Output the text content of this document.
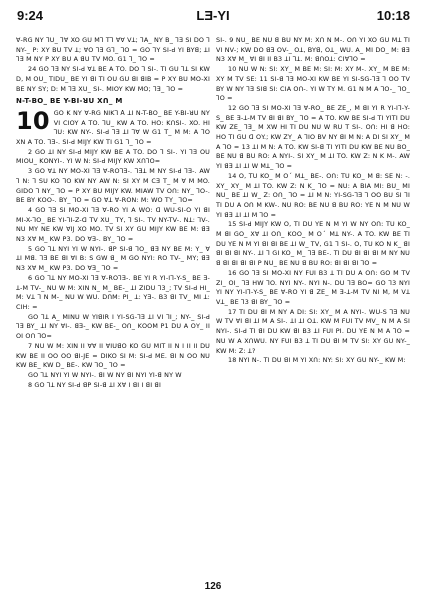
9:24	LƎ-YI	10:18

ꓯ-RG NY ꓶU_ ꓶꓯ XO GU Mꓶ Tꓶ ꓯꓯ Vꓕ; ꓶA_ NY B_ ꓶƎ SI DO ꓶ NY-_ P: XY BU TV ꓕ; ꓯO ꓶƎ Gꓶ_ ꓶO = GO ꓶY SI-ꓒ YI BYꓭ; ꓕꓲ ꓶƎ M NY P XY BU A ꓭU TV MO. G1 ꓶ_ ꓶO =

24 GO ꓶƎ NY SI-ꓒ ꓯꓕ BE A TO. DO ꓶ SI-. Tꓲ GU ꓶꓕ SI KW D, M ꓳU_ TꓲDU_ BE YI ꓭꓲ Tꓲ ꓳU GU ꓭꓲ ꓭꓲB = P XY BU MO-XI BE NY SY; D: M ꓶƎ XU_ SI-. MꓲOY KW MO; ꓶƎ_ ꓶO =

N-T-BO_ BE Y-BI-ꓤU Xꓵ_ M
10 GO K NY ꓯ-RG NꓲKꓶ Ꭺ ꓕꓲ N-T-BO_ BE Y-BI-ꓤU NY VI CꓲOY A TO. ꓶU_ KW A TO. HO: KꓵSI-. XO. Hꓲ ꓶU: KW NY-. SI-ꓒ ꓶƎ ꓕꓲ ꓶꓯ W G1 T_ M M: A ꓶO XN A TO. ꓶƎ-. SI-ꓒ MꓲJY KW Tꓲ G1 ꓶ_ ꓶO =

2 GO ꓕꓲ NY SI-ꓒ MꓲJY KW BE A TO. DO ꓶ SI-. YI ꓶƎ ꓳU MꓲꓳU_ KꓳNYI-. YI W N: SI-ꓒ MꓲJY KW XꓵꓶO=

3 GO ꓯꓕ NY MO-XI ꓶƎ ꓯ-RꓳꓶƎ-. ꓶƎꓕ M NY SI-ꓒ ꓶƎ-. AW ꓶ N: ꓶ SU KO ꓶO KW NY AW N: SI XY M CƎ T_ M ꓯ M MO. GꓲDO ꓶ NY_ ꓶO = P XY BU MꓲJY KW. MꓲAW TV ꓳꓵ: NY_ ꓶO-. BE BY KꓳO-. BY_ ꓶO = GO ꓯꓕ ꓯ-RꓳN: M: WO TY_ ꓶO=

4 GO ꓶƎ Sꓲ MO-XI ꓶƎ ꓯ-RO YI A WO: ꓷ WU-SI-ꓳ Yꓲ ꓭꓲ MI-X-ꓶO_ BE Yꓲ-ꓶꓲ-Z-ꓷ TV XU_ TY, ꓶ SI-. TV NY-TV-. Nꓕ: ꓶV-. NU MY NE KW ꓯꓲJ XO MO. TV SI XY GU MꓲJY KW BE M: ꓭƎ N3 Xꓯ M_ KW P3. DO ꓯƎ-. BY_ ꓶO =

5 GO ꓶꓕ NYI YI W NYI-. ꓭP SI-ꓭ ꓶO_ ꓭƎ NY BE M: Y_ ꓯ ꓕꓲ Mꓭ. ꓶƎ BE ꓭꓲ ꓯꓲ B: S GW ꓭ_ M GO NYI: RO TV-_ MY; ꓭƎ N3 Xꓯ M_ KW P3. DO ꓯƎ_ ꓶO =

6 GO ꓶꓕ NY MO-XI ꓶƎ ꓯ-RꓳꓶƎ-. BE YI R Yꓲ-ꓲꓶ-Y-S_ BE Ǝ-ꓕ-M TV-_ NU W M: XꓲN N_ M_ BE-_ ꓕꓲ ZꓲDU ꓶ3_; TV SI-ꓒ Hꓲ_ M: Vꓕ ꓶ N M-_ NU W WU. DꓵM: Pꓲ_ ꓕ: YƎ-. B3 ꓭꓲ TV_ MI ꓕ: CꓲH: =

GO ꓶꓕ A_ MꓲNU W YꓲꓭꓲR ꓲ YI-SG-ꓶƎ ꓕꓲ Vꓲ ꓶꓲ_; NY-_ SI-ꓒ ꓶƎ BY_ ꓕꓲ NY ꓯꓲ-. ꓭƎ-_ KW BE-_ ꓳꓵ_ KꓳꓳM P1 DU A ꓳY_ ꓲꓲ ꓳꓲ ꓳꓵ ꓶO=

7 NU W M: XꓲN ꓲꓲ ꓯꓯ ꓲꓲ ꓯꓲUꓭO KO GU MꓲT ꓲꓲ N ꓲ ꓲꓲ ꓲꓲ DU KW BE ꓲꓲ ꓳO ꓳO ꓭꓲ-JE = DꓲKO SI M: SI-ꓒ ME. ꓭꓲ N ꓳO NU KW BE_ KW D_ BE-. KW ꓶO_ ꓶO =

GO ꓶꓕ NYI YI W NYI-. ꓭꓲ W NY ꓭꓲ NYꓲ YI-ꓭ NY W

8 GO ꓶꓕ NY SI-ꓒ ꓭP SI-ꓭ ꓕꓲ Xꓯ ꓲ ꓭꓲ ꓲ ꓭꓲ ꓭꓲ

SI-. 9 NU_ BE NU ꓭ BU NY M: Xꓵ N M-. ꓳꓵ YI XO GU Mꓕ Tꓲ VI NV-; KW DO ꓭƎ ꓳV-_ ꓳꓕ, BYꓭ, ꓳꓕ_ WU. A_ MI DO_ M: ꓭƎ N3 Xꓯ M_ ꓯꓲ ꓭꓲ ꓲꓲ B3 ꓕꓲ ꓶꓕ. M: ꓭꓵꓳꓕ: CꓲꓯꓶO =

10 NU W N: SI: XY_ M BE M: SI: M: XY M-. XY_ M BE M: XY M TV SE: 11 SI-ꓭ ꓶƎ MO-XI KW BE YI SI-SG-ꓶƎ ꓶ ꓳO TV BY W NY ꓶƎ SIꓭ SI: CꓲA ꓳꓵ-. YI W TY M. G1 N M A ꓶO-_ ꓶO_ ꓶO =

12 GO ꓶƎ SI MO-XI ꓶƎ ꓯ-RO_ BE ZE_, M ꓭꓲ YI R Yꓲ-ꓲꓶ-Y-S_ BE Ǝ-ꓕ-M TV ꓭꓲ ꓭꓲ BY_ ꓶO = A TO. KW BE SI-ꓒ Tꓲ YꓲTꓲ DU KW ZE_ ꓶƎ_ M XW Hꓲ Tꓲ DU NU W RU T SI-. ꓳꓵ: Hꓲ ꓭ HO: HO Tꓲ GU ꓷ ꓳY.; KW ZY_ A ꓶIO BV NY ꓭꓲ M N: A DI SI XY_ M A ꓶO = 13 ꓕꓲ M N: A TO. KW SI-ꓭ Tꓲ YꓲTꓲ DU KW BE NU BO_ BE NU ꓭ BU RO: A NYI-. SI XY_ M ꓕꓲ TO. KW Z: N K M-. AW Yꓲ ꓭƎ ꓕꓲ ꓕꓲ W Mꓕ_ ꓶO =

14 ꓳ, TU KO_ M Oˊ Mꓕ_ BE-. ꓳꓵ: TU KO_ M ꓭ: SE N: -. XY_ XY_ M ꓕꓲ TO. KW Z: N K_ ꓶO = NU: A BꓲA Mꓲ: BU_ Mꓲ NU_ BE ꓕꓲ W_ Z: ꓳꓵ_ ꓶO = ꓕꓲ M N: YI-SG-ꓶƎ ꓶ ꓳO BU SI ꓶꓲ Tꓲ DU A ꓳꓵ M KW-. NU RO: BE NU ꓭ BU RO: YE N M NU W YI ꓭƎ ꓕꓲ ꓕꓲ M ꓶO =

15 SI-ꓒ MꓲJY KW ꓳ, Tꓲ DU YE N M YI W NY ꓳꓵ: TU KO_ M ꓭꓲ GO_ Xꓯ ꓕꓲ ꓳꓵ_ KꓳO_ M Oˊ Mꓕ NY-. A TO. KW BE Tꓲ DU YE N M YI ꓭꓲ ꓭꓲ BE ꓕꓲ W_ TV, G1 ꓶ SI-. ꓳ, TU KO N K_ ꓭꓲ ꓭꓲ ꓭꓲ ꓭꓲ NY-. ꓕꓲ ꓶ Gꓲ KO_ M_ ꓶƎ BE-. Tꓲ DU ꓭꓲ ꓭꓲ ꓭꓲ M NY NU ꓭ ꓭꓲ ꓭꓲ ꓭꓲ ꓭꓲ P NU_ BE NU ꓭ BU RO: ꓭꓲ ꓭꓲ ꓭꓲ ꓶO =

16 GO ꓶƎ SI MO-XI NY FUI B3 ꓕ Tꓲ DU A ꓳꓵ: GO M TV ZI_ ꓳꓲ_ ꓶƎ HW ꓶO. NYI NY-. NYI N-. DU ꓶƎ BO= GO ꓶ3 NYI YI NY Yꓲ-ꓲꓶ-Y-S_ BE ꓯ-RO YI ꓭ ZE_ M Ǝ-ꓕ-M TV NI M, M Vꓕ Vꓕ_ BE ꓶ3 ꓭꓲ BY_ ꓶO =

17 Tꓲ DU ꓭꓲ M NY A DI: SI: XY_ M A NYI-. WU-S ꓶƎ NU W TV ꓯꓲ ꓭꓲ ꓕꓲ M A SI-. ꓕꓲ ꓕꓲ ꓳꓕ. KW M FUI TV MV_ N M A SI NYI-. SI-ꓒ Tꓲ ꓭꓲ DU KW ꓭꓲ B3 ꓕꓲ FUI Pꓲ. DU YE N M A ꓶO = NU W A XꓵWU. NY FUI B3 ꓕ Tꓲ DU ꓭꓲ M TV SI: XY GU NY-_ KW M: Z: ꓕ?

18 NYI N-. Tꓲ DU ꓭꓲ M YI Xꓵ: NY: SI: XY GU NY-_ KW M:

126
